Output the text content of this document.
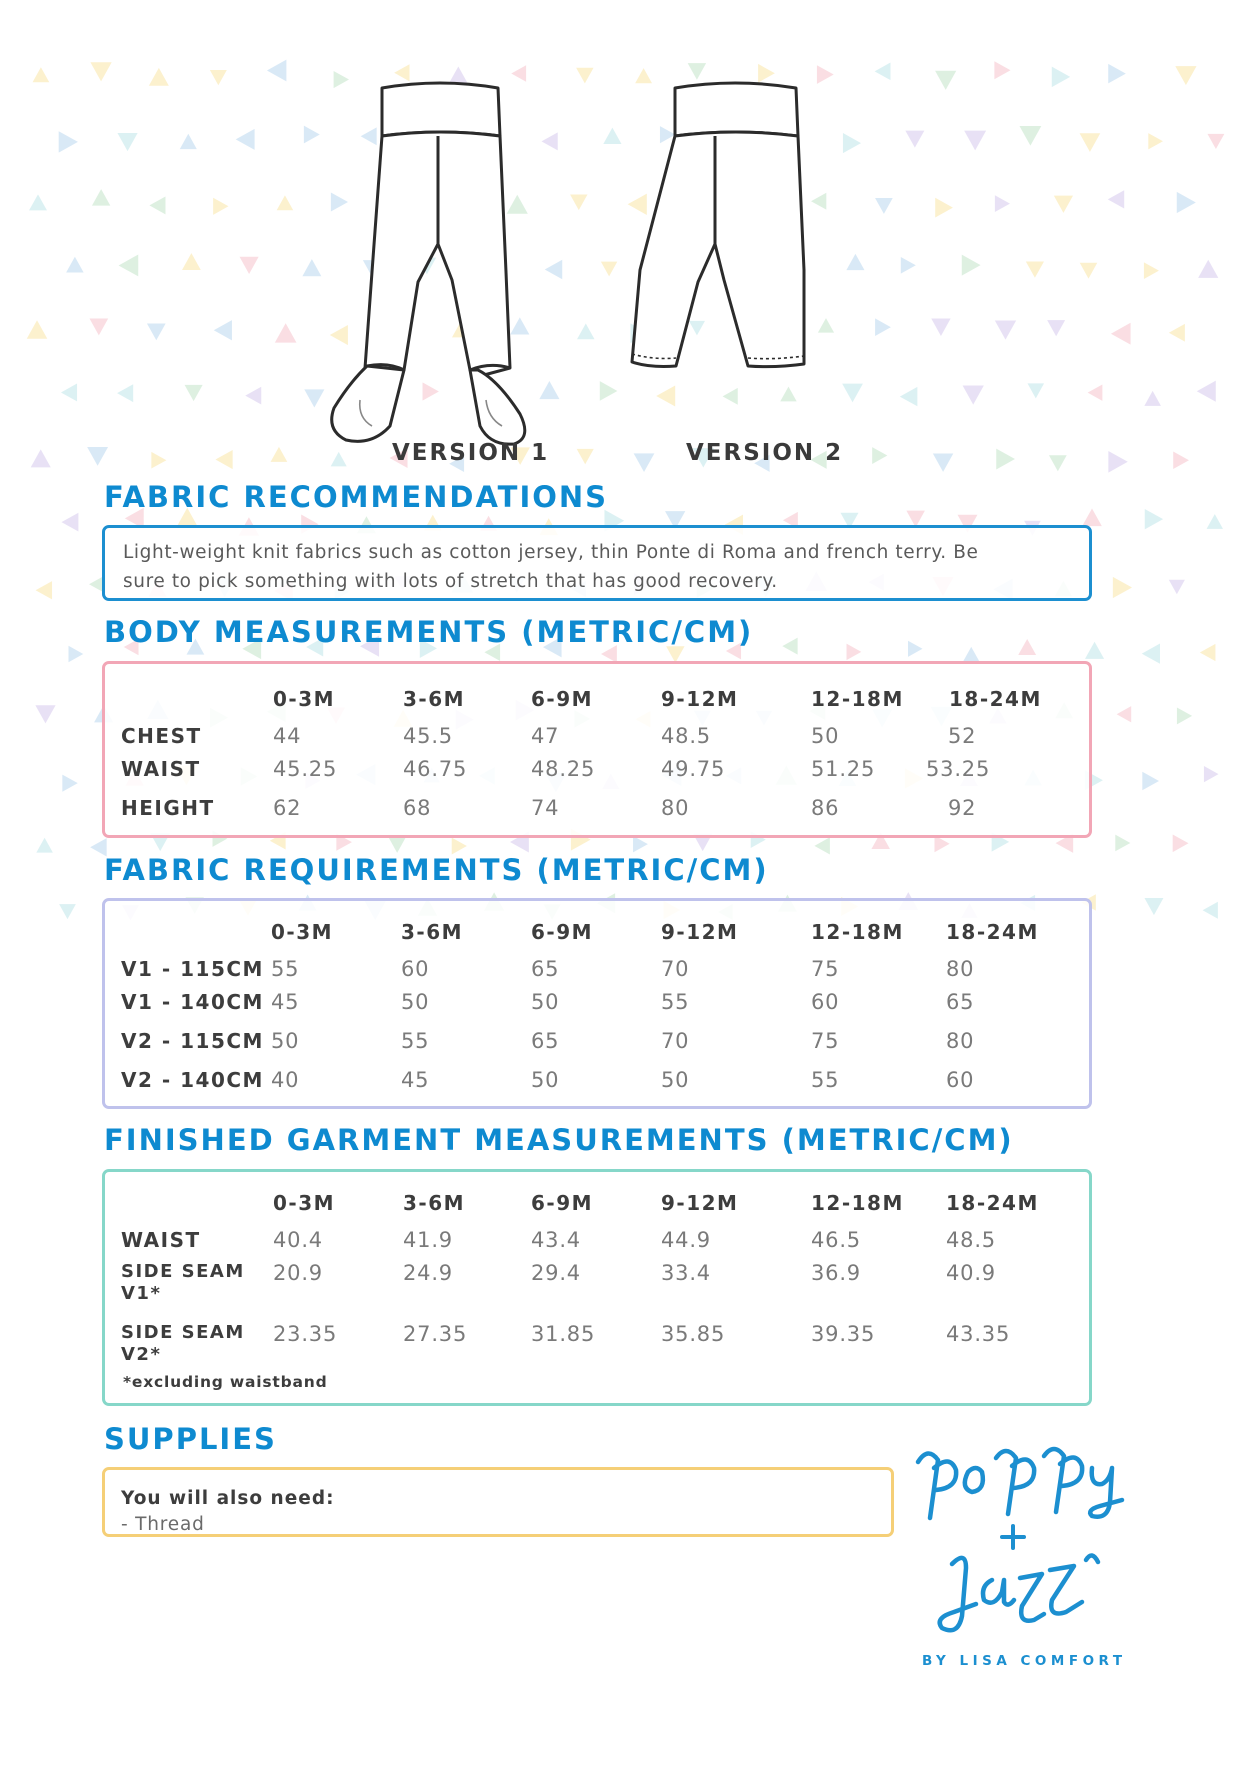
VERSION 1	VERSION 2
FABRIC RECOMMENDATIONS

Light-weight knit fabrics such as cotton jersey, thin Ponte di Roma and french terry. Be
sure to pick something with lots of stretch that has good recovery.

BODY MEASUREMENTS (METRIC/CM)
	0-3M	3-6M	6-9M	9-12M	12-18M	18-24M
CHEST	44	45.5	47	48.5	50	52
WAIST	45.25	46.75	48.25	49.75	51.25	53.25
HEIGHT	62	68	74	80	86	92
FABRIC REQUIREMENTS (METRIC/CM)
	0-3M	3-6M	6-9M	9-12M	12-18M	18-24M
V1 - 115CM	55	60	65	70	75	80
V1 - 140CM	45	50	50	55	60	65
V2 - 115CM	50	55	65	70	75	80
V2 - 140CM	40	45	50	50	55	60
FINISHED GARMENT MEASUREMENTS (METRIC/CM)
	0-3M	3-6M	6-9M	9-12M	12-18M	18-24M
WAIST	40.4	41.9	43.4	44.9	46.5	48.5
SIDE SEAM
V1*	20.9	24.9	29.4	33.4	36.9	40.9
SIDE SEAM
V2*	23.35	27.35	31.85	35.85	39.35	43.35
*excluding waistband
SUPPLIES
You will also need:
- Thread
BY LISA COMFORT
